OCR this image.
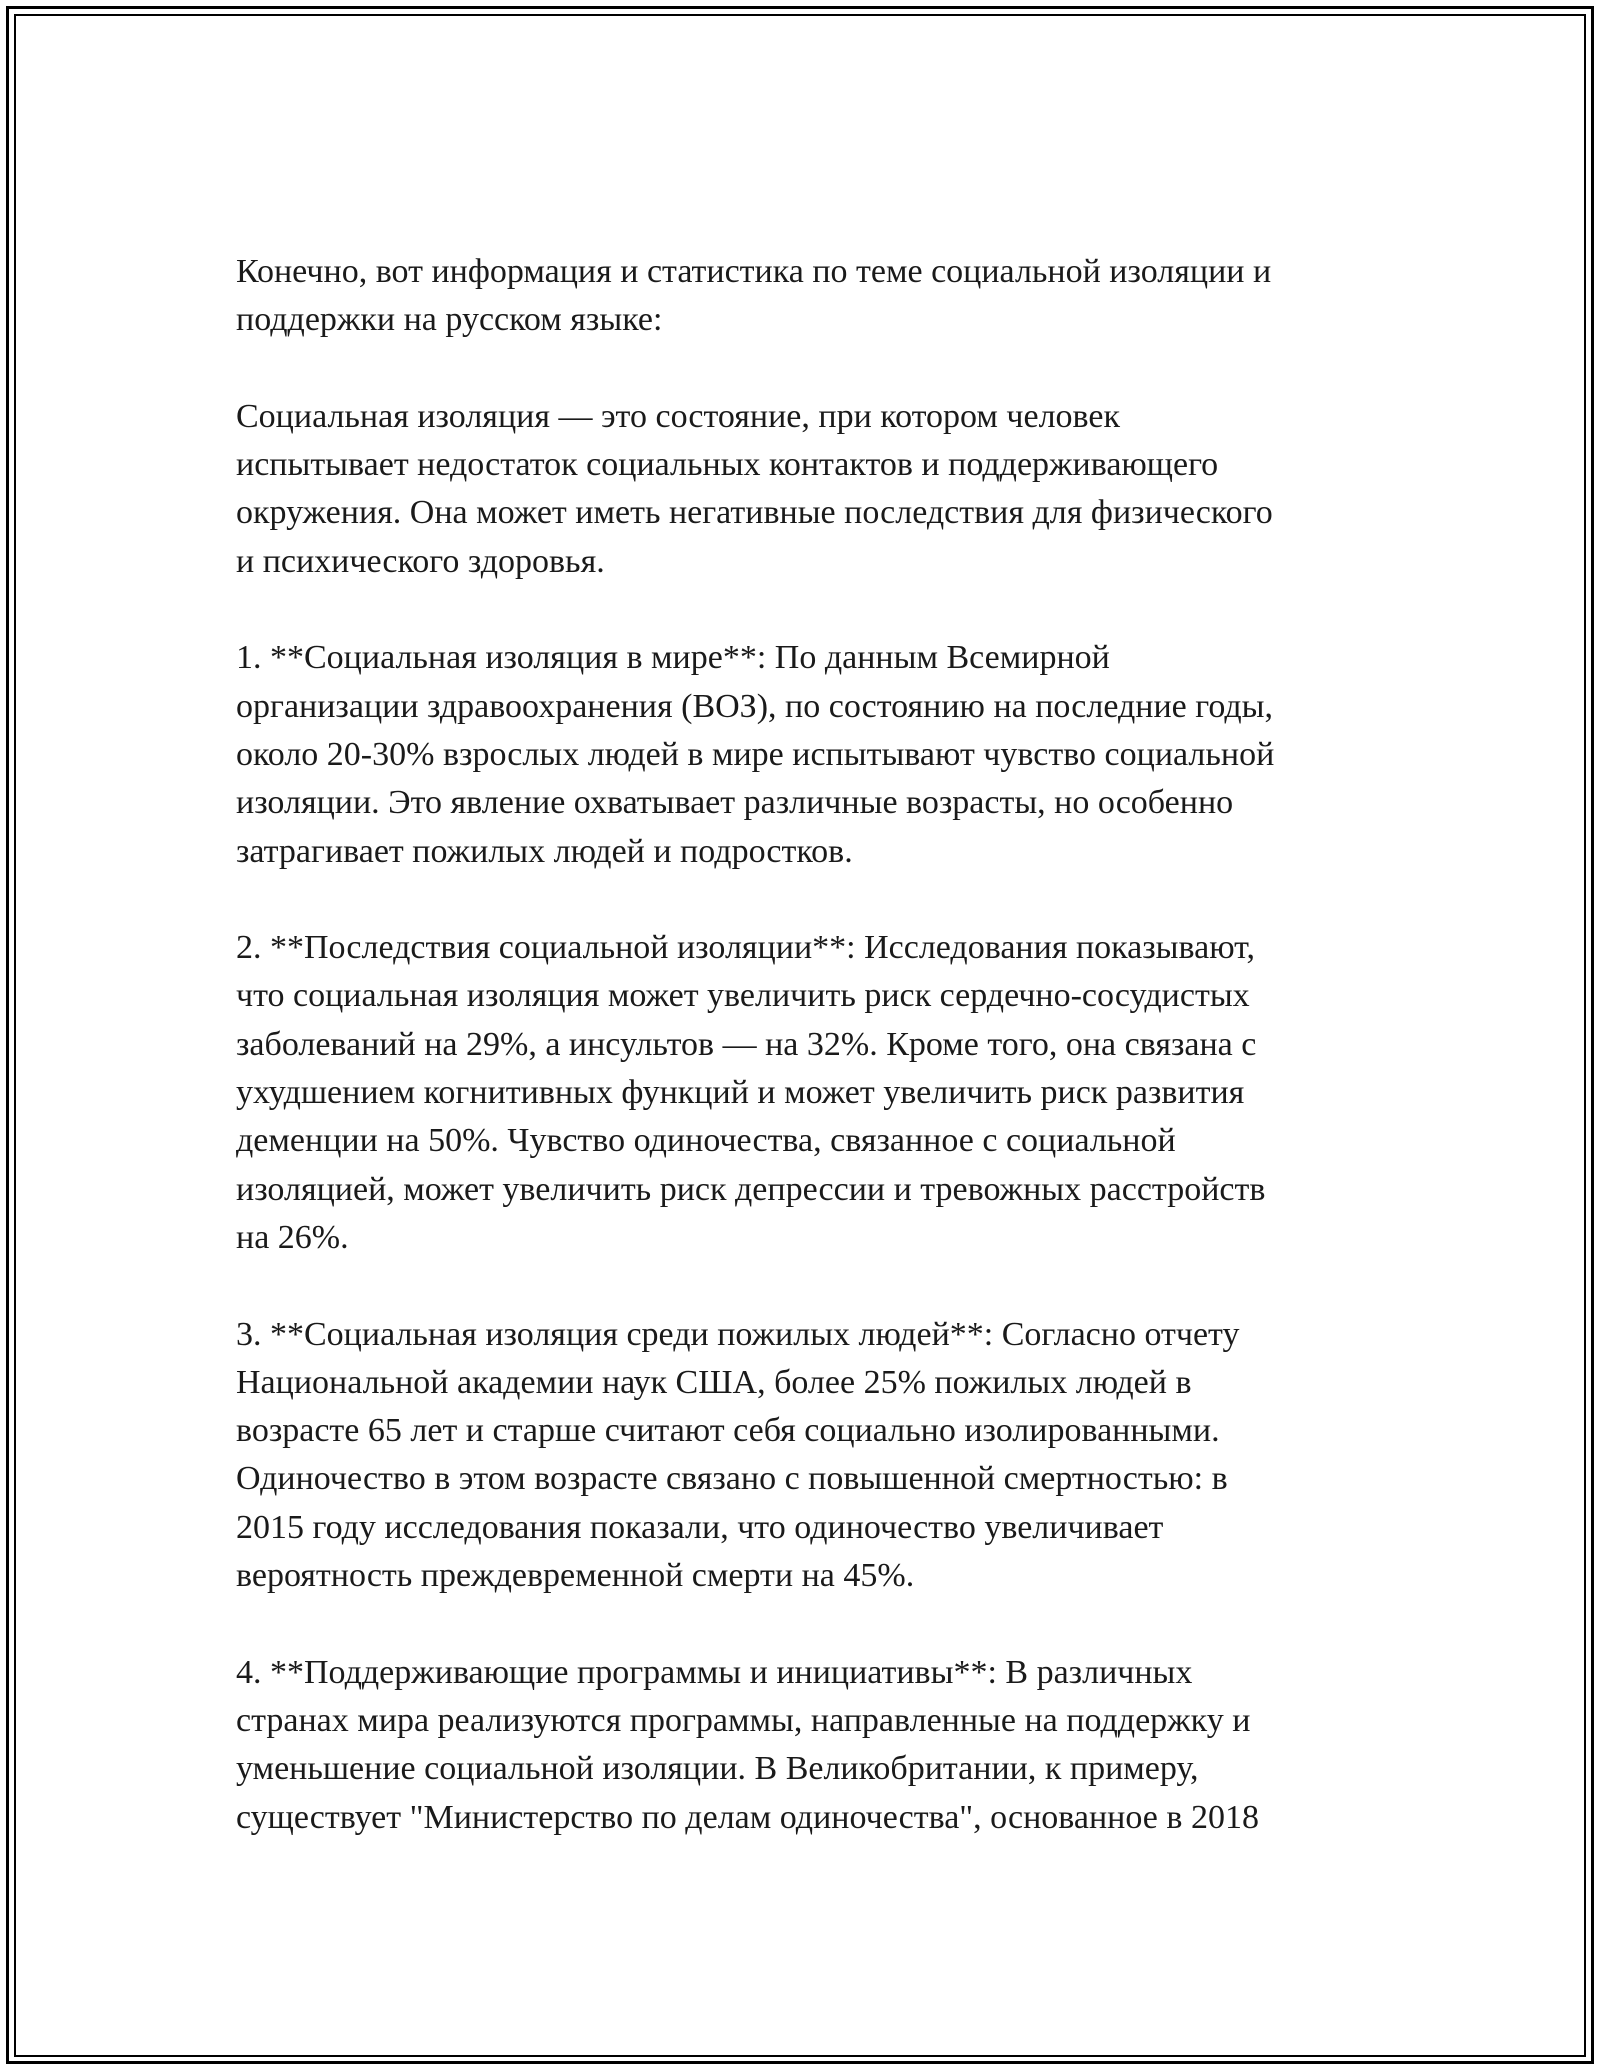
Конечно, вот информация и статистика по теме социальной изоляции и
поддержки на русском языке:

Социальная изоляция — это состояние, при котором человек
испытывает недостаток социальных контактов и поддерживающего
окружения. Она может иметь негативные последствия для физического
и психического здоровья.

1. **Социальная изоляция в мире**: По данным Всемирной
организации здравоохранения (ВОЗ), по состоянию на последние годы,
около 20-30% взрослых людей в мире испытывают чувство социальной
изоляции. Это явление охватывает различные возрасты, но особенно
затрагивает пожилых людей и подростков.

2. **Последствия социальной изоляции**: Исследования показывают,
что социальная изоляция может увеличить риск сердечно-сосудистых
заболеваний на 29%, а инсультов — на 32%. Кроме того, она связана с
ухудшением когнитивных функций и может увеличить риск развития
деменции на 50%. Чувство одиночества, связанное с социальной
изоляцией, может увеличить риск депрессии и тревожных расстройств
на 26%.

3. **Социальная изоляция среди пожилых людей**: Согласно отчету
Национальной академии наук США, более 25% пожилых людей в
возрасте 65 лет и старше считают себя социально изолированными.
Одиночество в этом возрасте связано с повышенной смертностью: в
2015 году исследования показали, что одиночество увеличивает
вероятность преждевременной смерти на 45%.

4. **Поддерживающие программы и инициативы**: В различных
странах мира реализуются программы, направленные на поддержку и
уменьшение социальной изоляции. В Великобритании, к примеру,
существует "Министерство по делам одиночества", основанное в 2018
